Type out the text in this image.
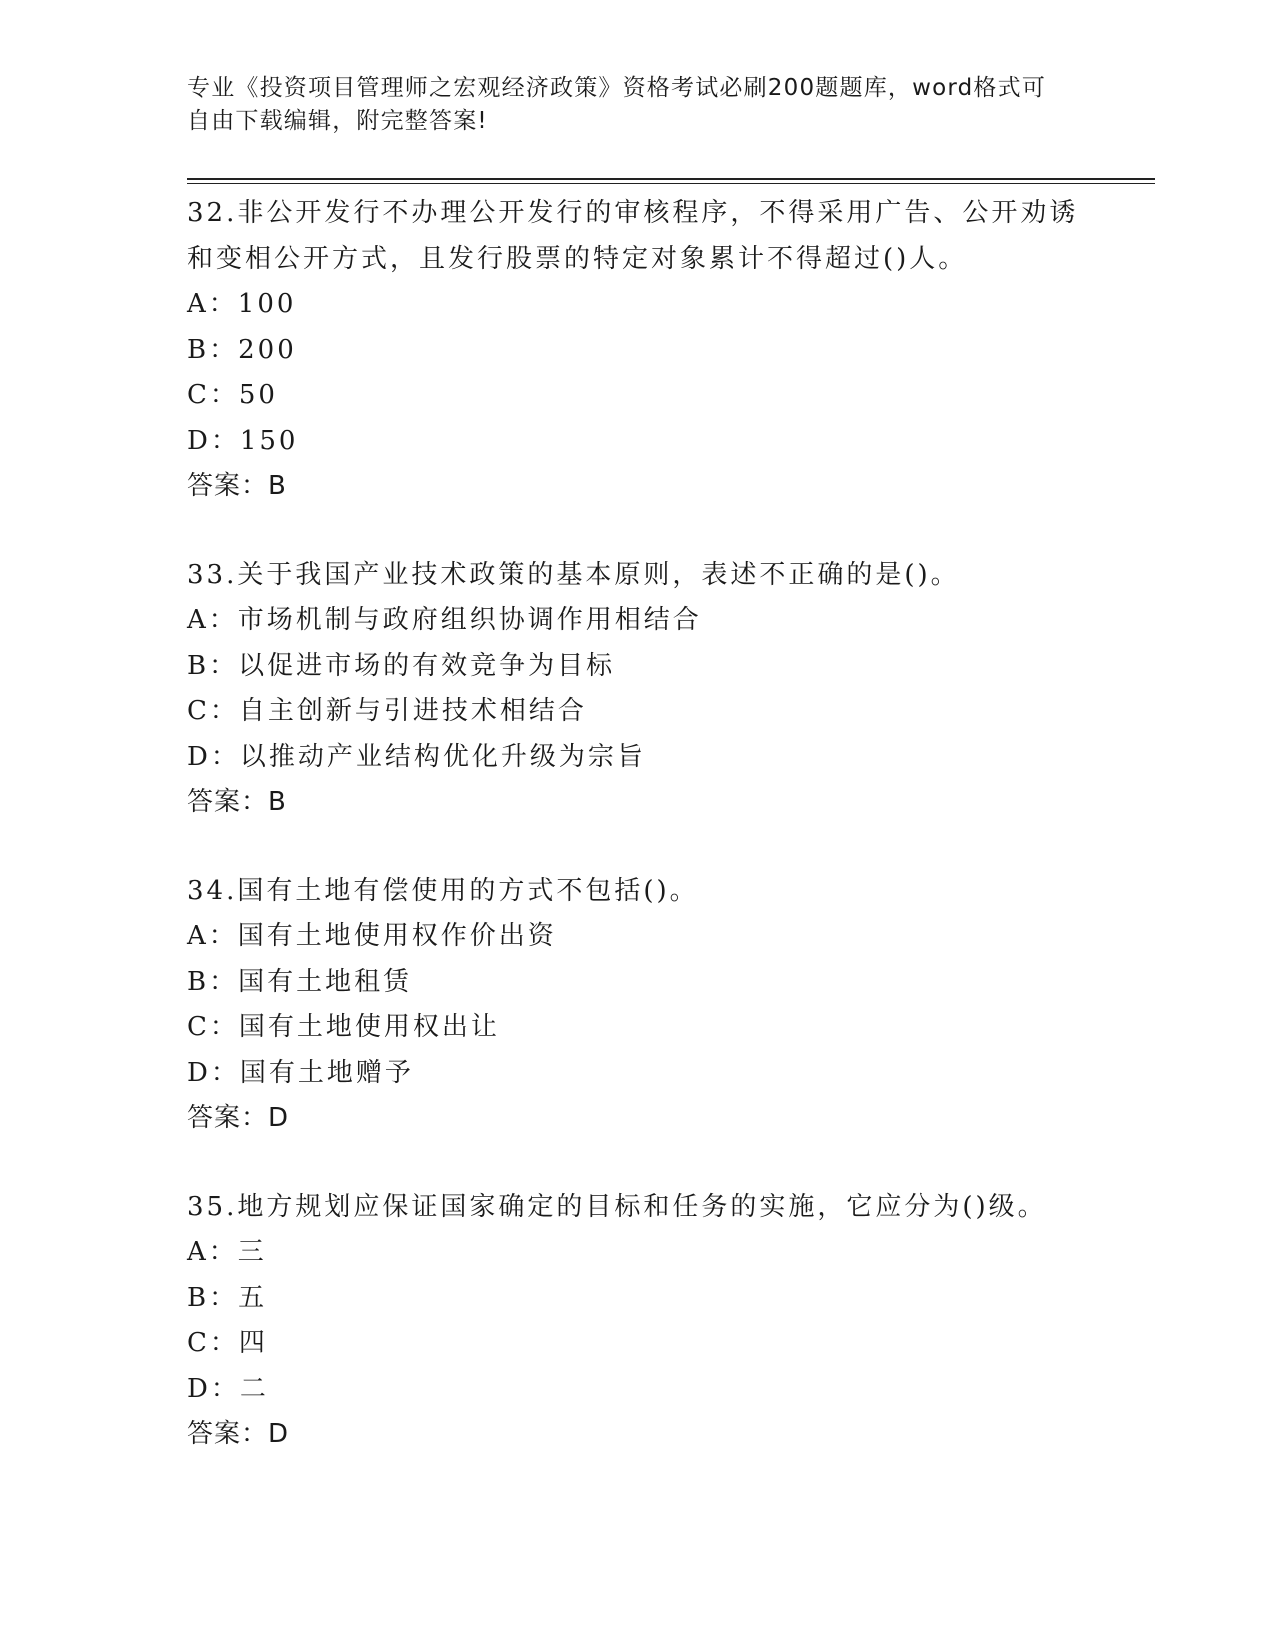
专业《投资项目管理师之宏观经济政策》资格考试必刷200题题库，word格式可
自由下载编辑，附完整答案!

32.非公开发行不办理公开发行的审核程序，不得采用广告、公开劝诱

和变相公开方式，且发行股票的特定对象累计不得超过()人。

A：100

B：200

C：50

D：150

答案：B

33.关于我国产业技术政策的基本原则，表述不正确的是()。

A：市场机制与政府组织协调作用相结合

B：以促进市场的有效竞争为目标

C：自主创新与引进技术相结合

D：以推动产业结构优化升级为宗旨

答案：B

34.国有土地有偿使用的方式不包括()。

A：国有土地使用权作价出资

B：国有土地租赁

C：国有土地使用权出让

D：国有土地赠予

答案：D

35.地方规划应保证国家确定的目标和任务的实施，它应分为()级。

A：三

B：五

C：四

D：二

答案：D
